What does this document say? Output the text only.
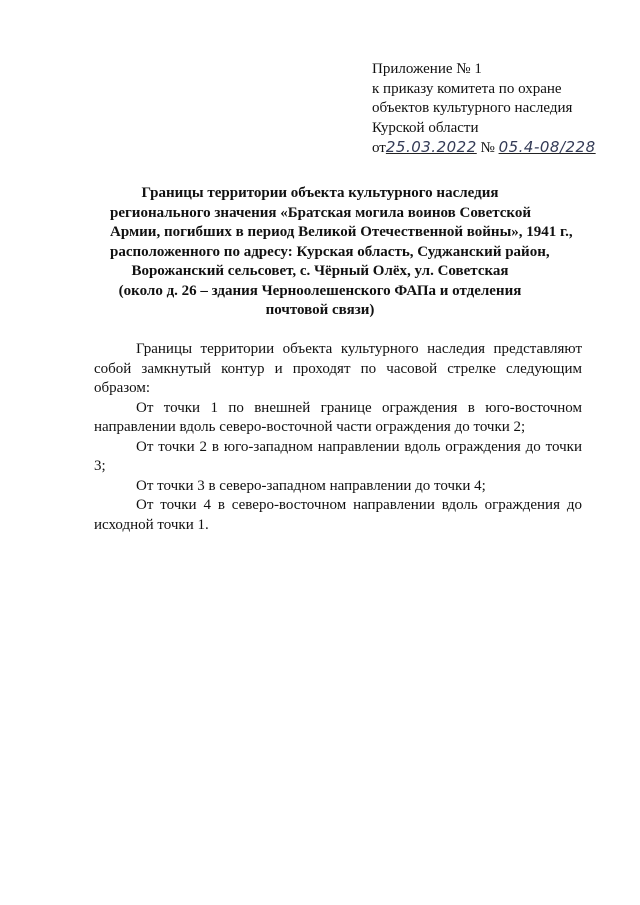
Приложение № 1
к приказу комитета по охране
объектов культурного наследия
Курской области
от25.03.2022 № 05.4-08/228
Границы территории объекта культурного наследия
регионального значения «Братская могила воинов Советской
Армии, погибших в период Великой Отечественной войны», 1941 г.,
расположенного по адресу: Курская область, Суджанский район,
Ворожанский сельсовет, с. Чёрный Олёх, ул. Советская
(около д. 26 – здания Черноолешенского ФАПа и отделения
почтовой связи)

Границы территории объекта культурного наследия представляют собой замкнутый контур и проходят по часовой стрелке следующим образом:

От точки 1 по внешней границе ограждения в юго-восточном направлении вдоль северо-восточной части ограждения до точки 2;

От точки 2 в юго-западном направлении вдоль ограждения до точки 3;

От точки 3 в северо-западном направлении до точки 4;

От точки 4 в северо-восточном направлении вдоль ограждения до исходной точки 1.
